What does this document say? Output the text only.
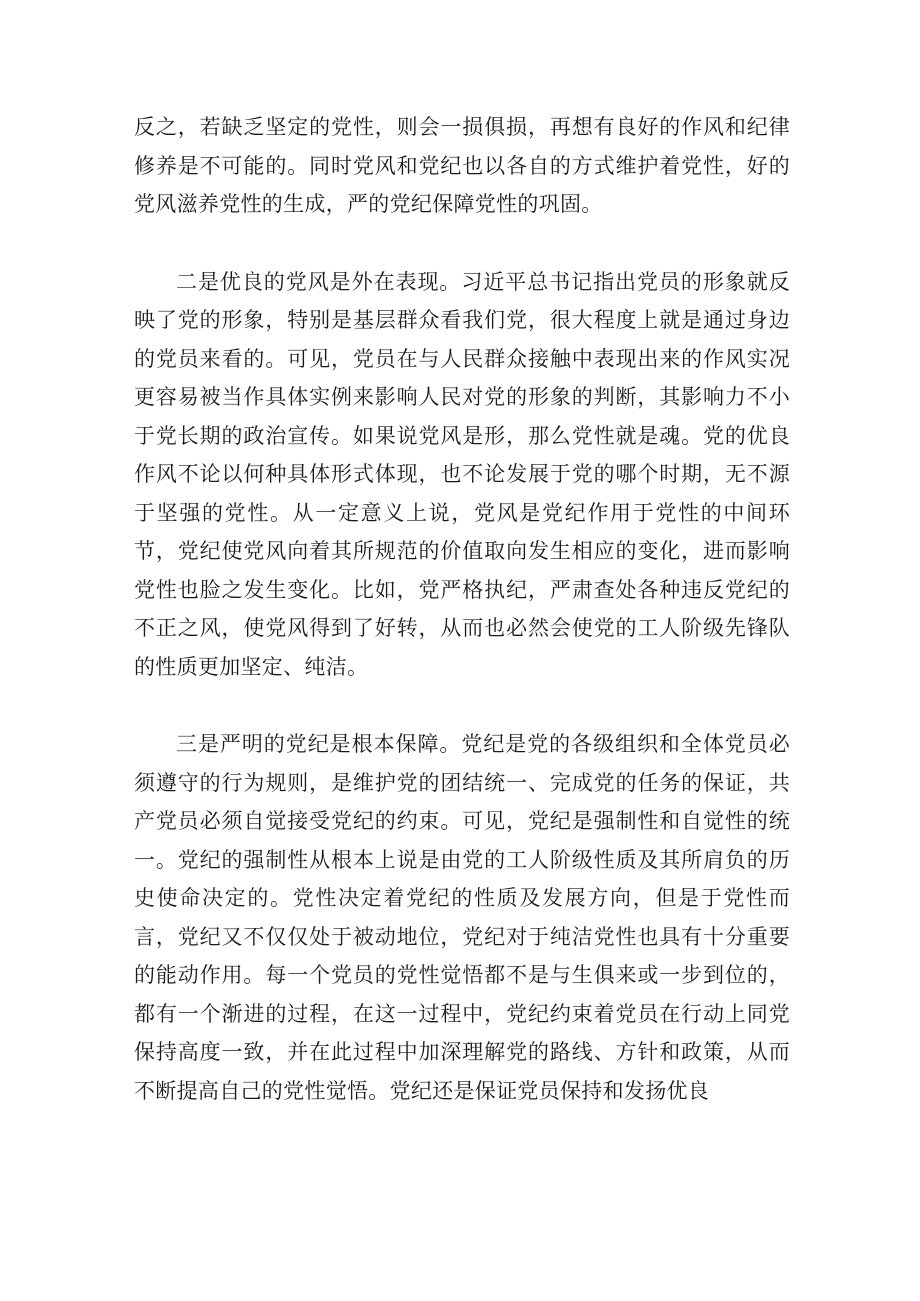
反之，若缺乏坚定的党性，则会一损俱损，再想有良好的作风和纪律修养是不可能的。同时党风和党纪也以各自的方式维护着党性，好的党风滋养党性的生成，严的党纪保障党性的巩固。

二是优良的党风是外在表现。习近平总书记指出党员的形象就反映了党的形象，特别是基层群众看我们党，很大程度上就是通过身边的党员来看的。可见，党员在与人民群众接触中表现出来的作风实况更容易被当作具体实例来影响人民对党的形象的判断，其影响力不小于党长期的政治宣传。如果说党风是形，那么党性就是魂。党的优良作风不论以何种具体形式体现，也不论发展于党的哪个时期，无不源于坚强的党性。从一定意义上说，党风是党纪作用于党性的中间环节，党纪使党风向着其所规范的价值取向发生相应的变化，进而影响党性也脸之发生变化。比如，党严格执纪，严肃查处各种违反党纪的不正之风，使党风得到了好转，从而也必然会使党的工人阶级先锋队的性质更加坚定、纯洁。

三是严明的党纪是根本保障。党纪是党的各级组织和全体党员必须遵守的行为规则，是维护党的团结统一、完成党的任务的保证，共产党员必须自觉接受党纪的约束。可见，党纪是强制性和自觉性的统一。党纪的强制性从根本上说是由党的工人阶级性质及其所肩负的历史使命决定的。党性决定着党纪的性质及发展方向，但是于党性而言，党纪又不仅仅处于被动地位，党纪对于纯洁党性也具有十分重要的能动作用。每一个党员的党性觉悟都不是与生俱来或一步到位的，都有一个渐进的过程，在这一过程中，党纪约束着党员在行动上同党保持高度一致，并在此过程中加深理解党的路线、方针和政策，从而不断提高自己的党性觉悟。党纪还是保证党员保持和发扬优良
